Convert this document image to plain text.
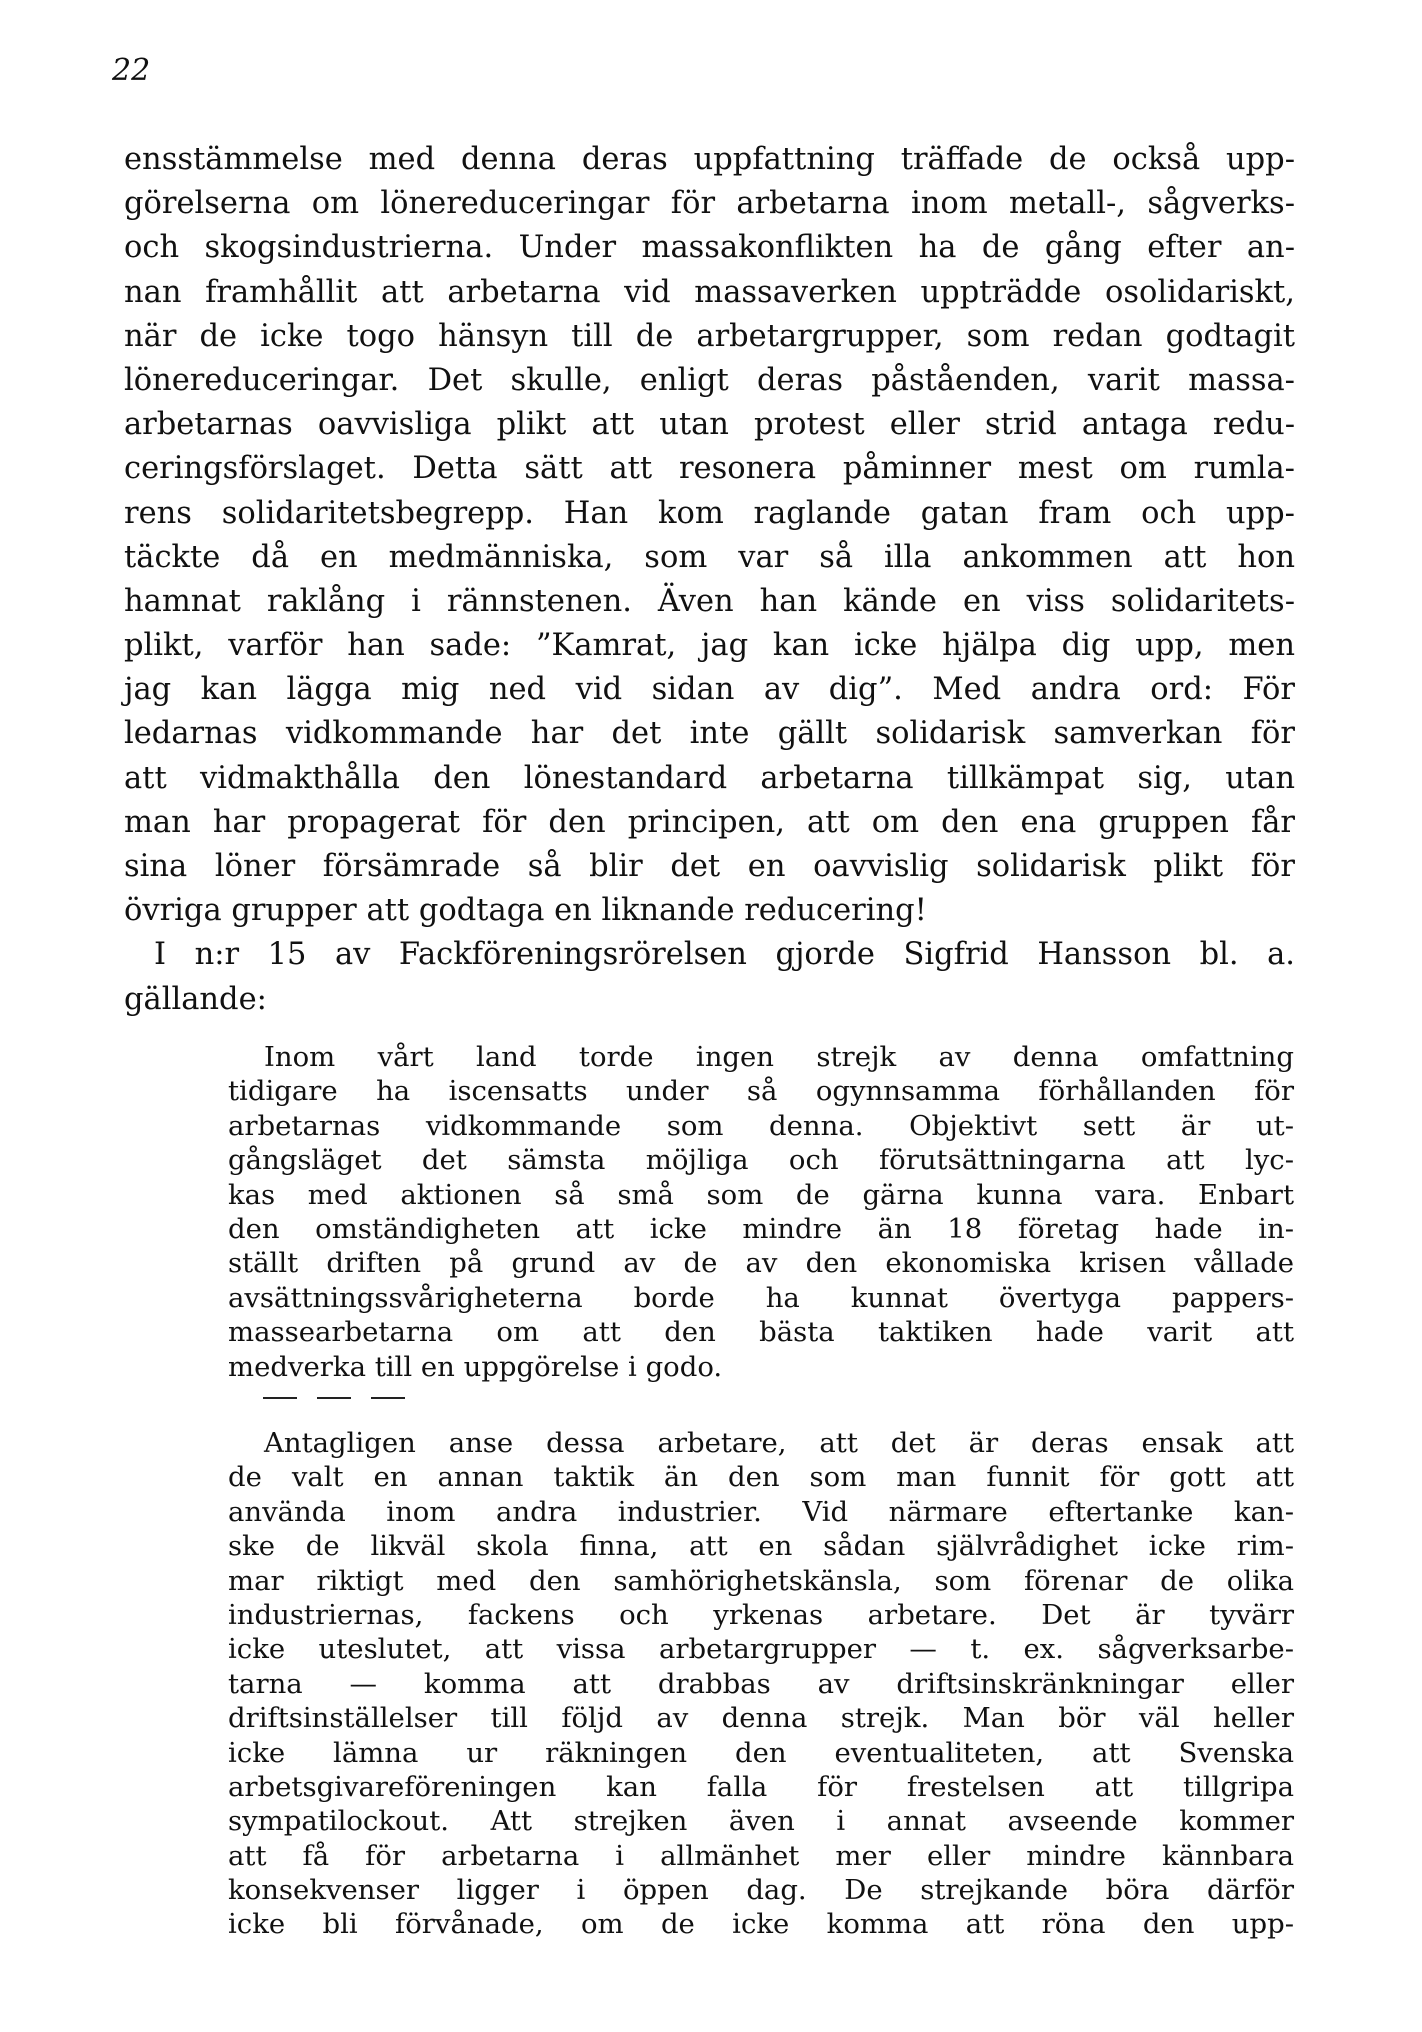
22
ensstämmelse med denna deras uppfattning träffade de också upp-
görelserna om lönereduceringar för arbetarna inom metall-, sågverks-
och skogsindustrierna. Under massakonflikten ha de gång efter an-
nan framhållit att arbetarna vid massaverken uppträdde osolidariskt,
när de icke togo hänsyn till de arbetargrupper, som redan godtagit
lönereduceringar. Det skulle, enligt deras påståenden, varit massa-
arbetarnas oavvisliga plikt att utan protest eller strid antaga redu-
ceringsförslaget. Detta sätt att resonera påminner mest om rumla-
rens solidaritetsbegrepp. Han kom raglande gatan fram och upp-
täckte då en medmänniska, som var så illa ankommen att hon
hamnat raklång i rännstenen. Även han kände en viss solidaritets-
plikt, varför han sade: ”Kamrat, jag kan icke hjälpa dig upp, men
jag kan lägga mig ned vid sidan av dig”. Med andra ord: För
ledarnas vidkommande har det inte gällt solidarisk samverkan för
att vidmakthålla den lönestandard arbetarna tillkämpat sig, utan
man har propagerat för den principen, att om den ena gruppen får
sina löner försämrade så blir det en oavvislig solidarisk plikt för
övriga grupper att godtaga en liknande reducering!
I n:r 15 av Fackföreningsrörelsen gjorde Sigfrid Hansson bl. a.
gällande:
Inom vårt land torde ingen strejk av denna omfattning
tidigare ha iscensatts under så ogynnsamma förhållanden för
arbetarnas vidkommande som denna. Objektivt sett är ut-
gångsläget det sämsta möjliga och förutsättningarna att lyc-
kas med aktionen så små som de gärna kunna vara. Enbart
den omständigheten att icke mindre än 18 företag hade in-
ställt driften på grund av de av den ekonomiska krisen vållade
avsättningssvårigheterna borde ha kunnat övertyga pappers-
massearbetarna om att den bästa taktiken hade varit att
medverka till en uppgörelse i godo.
Antagligen anse dessa arbetare, att det är deras ensak att
de valt en annan taktik än den som man funnit för gott att
använda inom andra industrier. Vid närmare eftertanke kan-
ske de likväl skola finna, att en sådan självrådighet icke rim-
mar riktigt med den samhörighetskänsla, som förenar de olika
industriernas, fackens och yrkenas arbetare. Det är tyvärr
icke uteslutet, att vissa arbetargrupper — t. ex. sågverksarbe-
tarna — komma att drabbas av driftsinskränkningar eller
driftsinställelser till följd av denna strejk. Man bör väl heller
icke lämna ur räkningen den eventualiteten, att Svenska
arbetsgivareföreningen kan falla för frestelsen att tillgripa
sympatilockout. Att strejken även i annat avseende kommer
att få för arbetarna i allmänhet mer eller mindre kännbara
konsekvenser ligger i öppen dag. De strejkande böra därför
icke bli förvånade, om de icke komma att röna den upp-
